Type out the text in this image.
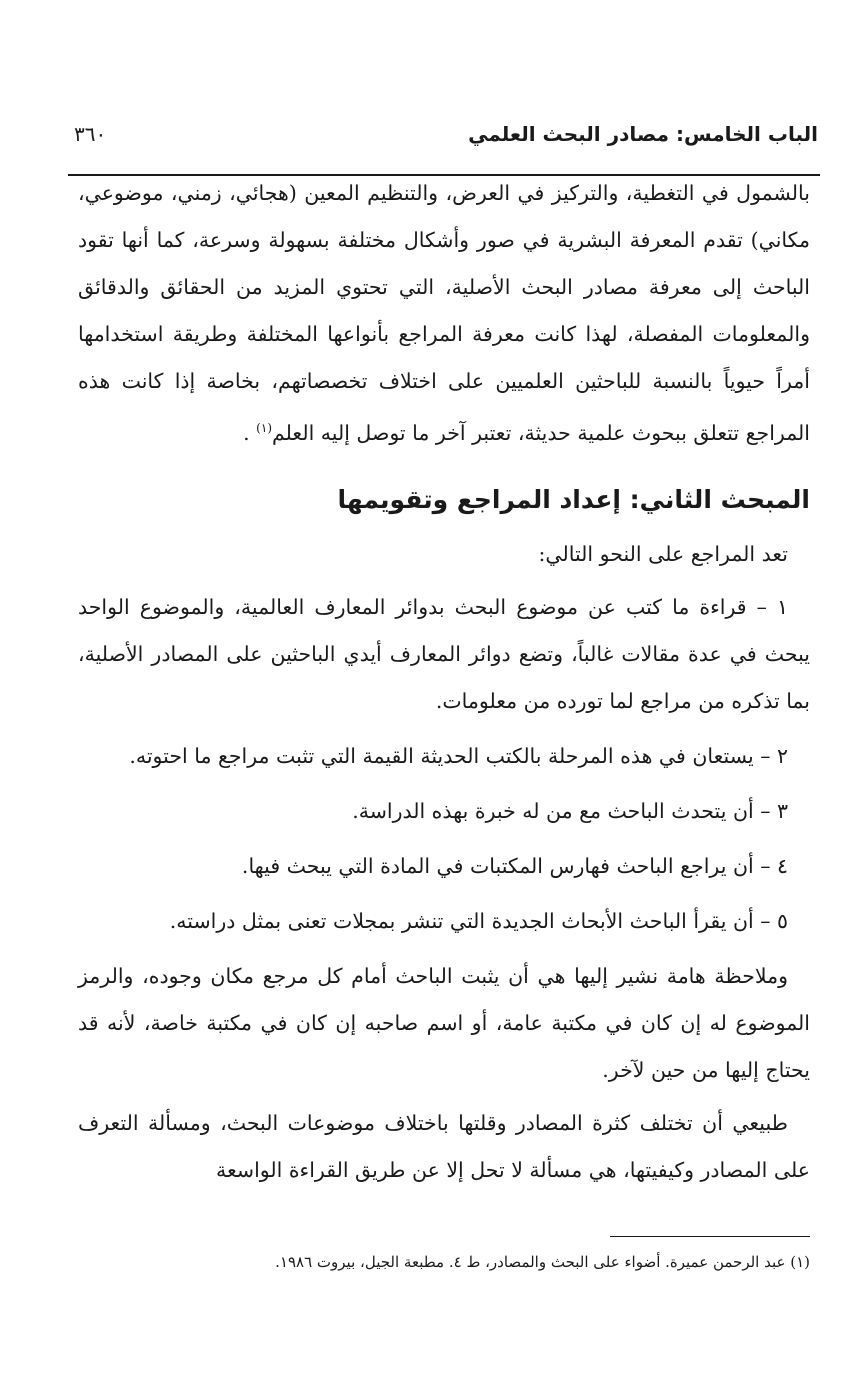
الباب الخامس: مصادر البحث العلمي
٣٦٠

بالشمول في التغطية، والتركيز في العرض، والتنظيم المعين (هجائي، زمني، موضوعي، مكاني) تقدم المعرفة البشرية في صور وأشكال مختلفة بسهولة وسرعة، كما أنها تقود الباحث إلى معرفة مصادر البحث الأصلية، التي تحتوي المزيد من الحقائق والدقائق والمعلومات المفصلة، لهذا كانت معرفة المراجع بأنواعها المختلفة وطريقة استخدامها أمراً حيوياً بالنسبة للباحثين العلميين على اختلاف تخصصاتهم، بخاصة إذا كانت هذه المراجع تتعلق ببحوث علمية حديثة، تعتبر آخر ما توصل إليه العلم$^{(١)}$ .

المبحث الثاني: إعداد المراجع وتقويمها

تعد المراجع على النحو التالي:

١ – قراءة ما كتب عن موضوع البحث بدوائر المعارف العالمية، والموضوع الواحد يبحث في عدة مقالات غالباً، وتضع دوائر المعارف أيدي الباحثين على المصادر الأصلية، بما تذكره من مراجع لما تورده من معلومات.

٢ – يستعان في هذه المرحلة بالكتب الحديثة القيمة التي تثبت مراجع ما احتوته.

٣ – أن يتحدث الباحث مع من له خبرة بهذه الدراسة.

٤ – أن يراجع الباحث فهارس المكتبات في المادة التي يبحث فيها.

٥ – أن يقرأ الباحث الأبحاث الجديدة التي تنشر بمجلات تعنى بمثل دراسته.

وملاحظة هامة نشير إليها هي أن يثبت الباحث أمام كل مرجع مكان وجوده، والرمز الموضوع له إن كان في مكتبة عامة، أو اسم صاحبه إن كان في مكتبة خاصة، لأنه قد يحتاج إليها من حين لآخر.

طبيعي أن تختلف كثرة المصادر وقلتها باختلاف موضوعات البحث، ومسألة التعرف على المصادر وكيفيتها، هي مسألة لا تحل إلا عن طريق القراءة الواسعة

(١) عبد الرحمن عميرة. أضواء على البحث والمصادر، ط ٤. مطبعة الجيل، بيروت ١٩٨٦.
